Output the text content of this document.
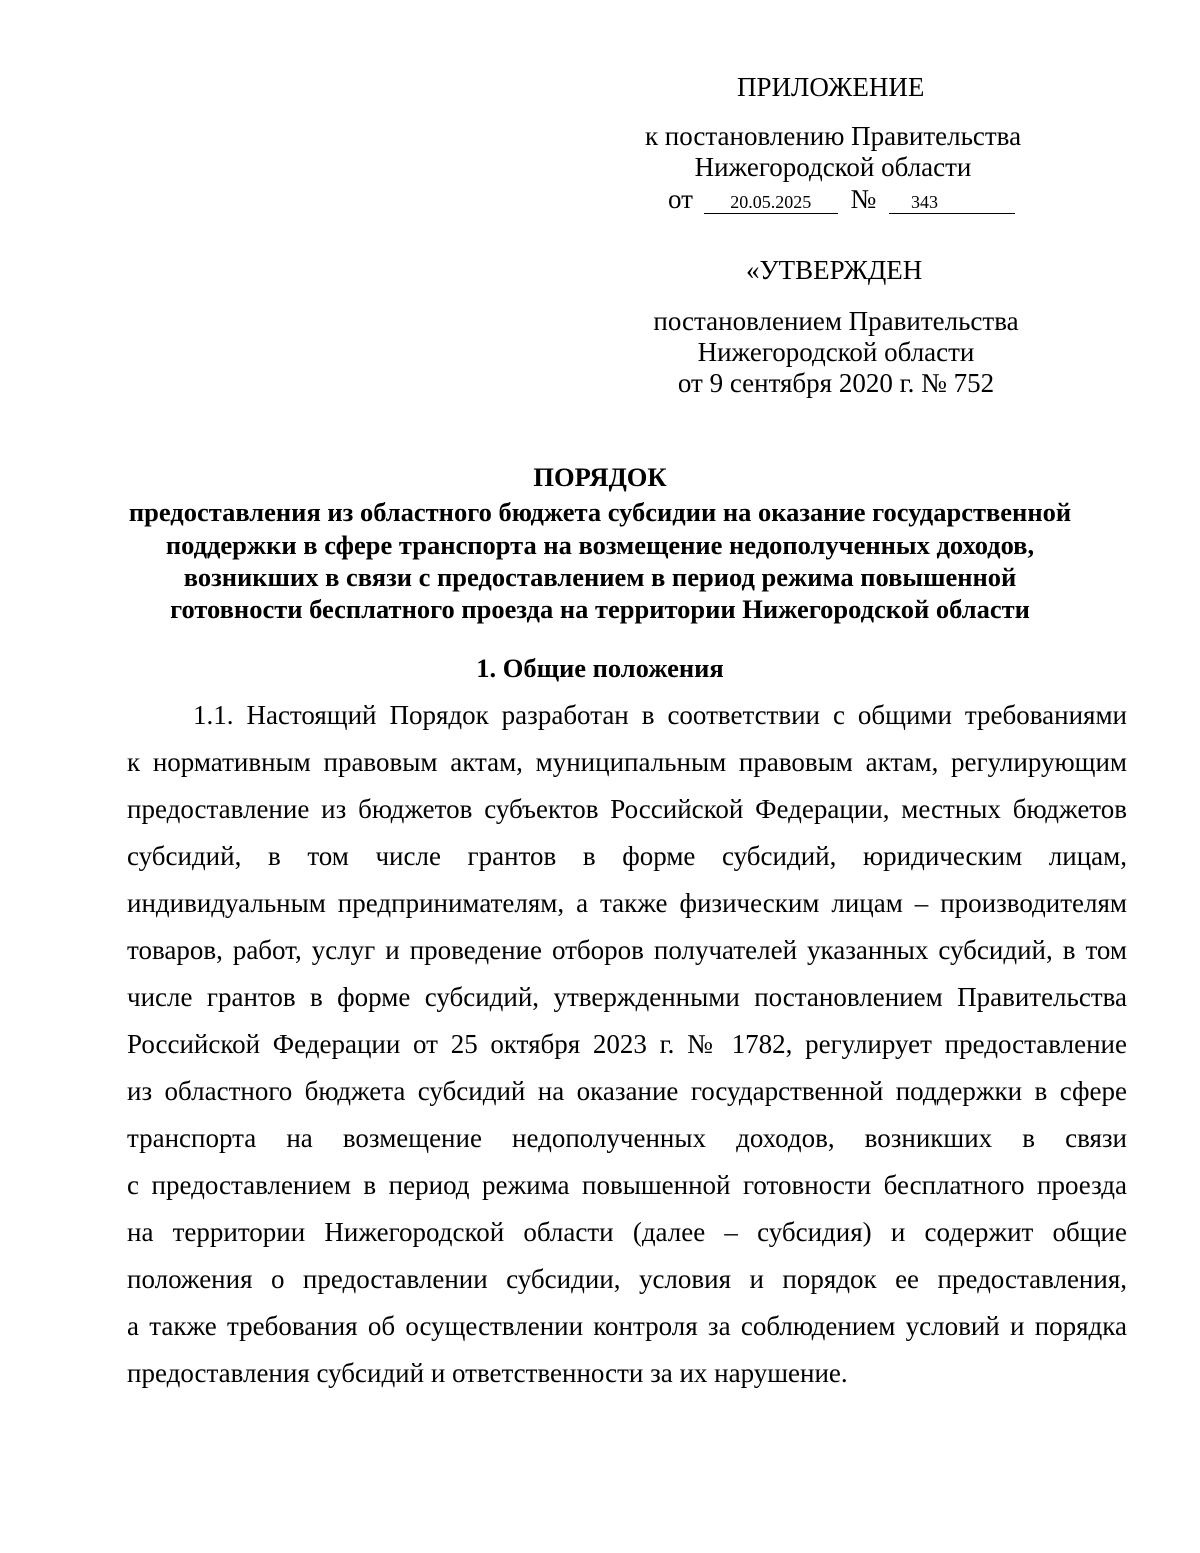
ПРИЛОЖЕНИЕ
к постановлению Правительства
Нижегородской области
от 20.05.2025 № 343
«УТВЕРЖДЕН
постановлением Правительства
Нижегородской области
от 9 сентября 2020 г. № 752
ПОРЯДОК
предоставления из областного бюджета субсидии на оказание государственной
поддержки в сфере транспорта на возмещение недополученных доходов,
возникших в связи с предоставлением в период режима повышенной
готовности бесплатного проезда на территории Нижегородской области
1. Общие положения
1.1. Настоящий Порядок разработан в соответствии с общими требованиями
к нормативным правовым актам, муниципальным правовым актам, регулирующим
предоставление из бюджетов субъектов Российской Федерации, местных бюджетов
субсидий, в том числе грантов в форме субсидий, юридическим лицам,
индивидуальным предпринимателям, а также физическим лицам – производителям
товаров, работ, услуг и проведение отборов получателей указанных субсидий, в том
числе грантов в форме субсидий, утвержденными постановлением Правительства
Российской Федерации от 25 октября 2023 г. № 1782, регулирует предоставление
из областного бюджета субсидий на оказание государственной поддержки в сфере
транспорта на возмещение недополученных доходов, возникших в связи
с предоставлением в период режима повышенной готовности бесплатного проезда
на территории Нижегородской области (далее – субсидия) и содержит общие
положения о предоставлении субсидии, условия и порядок ее предоставления,
а также требования об осуществлении контроля за соблюдением условий и порядка
предоставления субсидий и ответственности за их нарушение.
